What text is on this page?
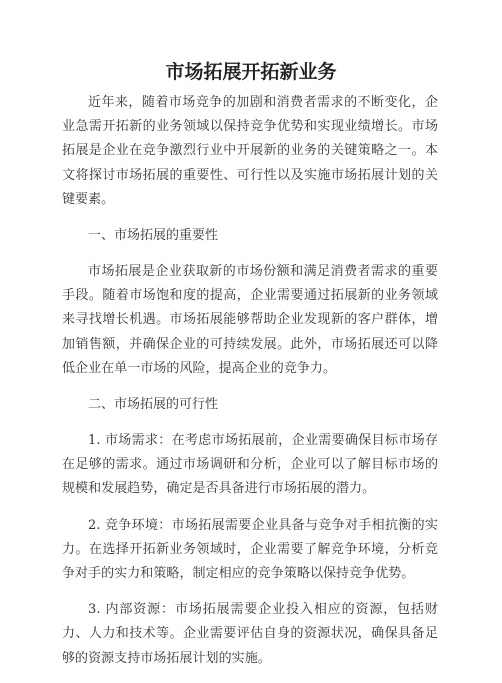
市场拓展开拓新业务

近年来，随着市场竞争的加剧和消费者需求的不断变化，企业急需开拓新的业务领域以保持竞争优势和实现业绩增长。市场拓展是企业在竞争激烈行业中开展新的业务的关键策略之一。本文将探讨市场拓展的重要性、可行性以及实施市场拓展计划的关键要素。

一、市场拓展的重要性

市场拓展是企业获取新的市场份额和满足消费者需求的重要手段。随着市场饱和度的提高，企业需要通过拓展新的业务领域来寻找增长机遇。市场拓展能够帮助企业发现新的客户群体，增加销售额，并确保企业的可持续发展。此外，市场拓展还可以降低企业在单一市场的风险，提高企业的竞争力。

二、市场拓展的可行性

1. 市场需求：在考虑市场拓展前，企业需要确保目标市场存在足够的需求。通过市场调研和分析，企业可以了解目标市场的规模和发展趋势，确定是否具备进行市场拓展的潜力。

2. 竞争环境：市场拓展需要企业具备与竞争对手相抗衡的实力。在选择开拓新业务领域时，企业需要了解竞争环境，分析竞争对手的实力和策略，制定相应的竞争策略以保持竞争优势。

3. 内部资源：市场拓展需要企业投入相应的资源，包括财力、人力和技术等。企业需要评估自身的资源状况，确保具备足够的资源支持市场拓展计划的实施。
